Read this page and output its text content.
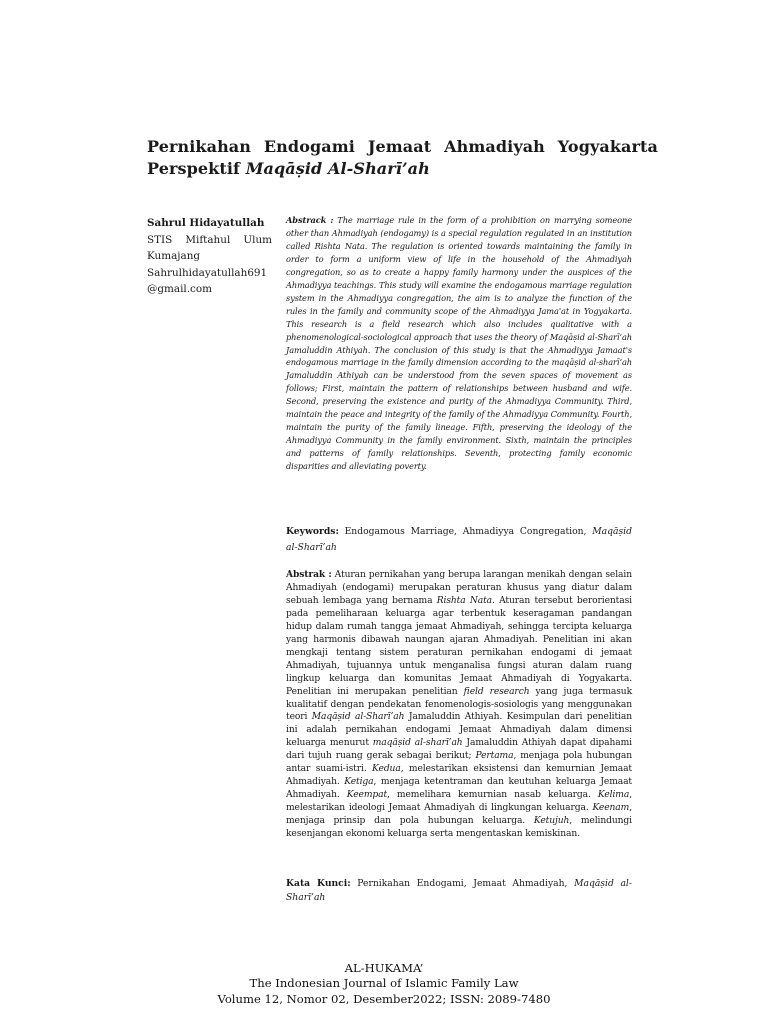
Pernikahan Endogami Jemaat Ahmadiyah Yogyakarta
Perspektif Maqāṣid Al-Sharī’ah
Sahrul Hidayatullah
STIS Miftahul Ulum Kumajang
Sahrulhidayatullah691 @gmail.com
Abstrack : The marriage rule in the form of a prohibition on marrying someone other than Ahmadiyah (endogamy) is a special regulation regulated in an institution called Rishta Nata. The regulation is oriented towards maintaining the family in order to form a uniform view of life in the household of the Ahmadiyah congregation, so as to create a happy family harmony under the auspices of the Ahmadiyya teachings. This study will examine the endogamous marriage regulation system in the Ahmadiyya congregation, the aim is to analyze the function of the rules in the family and community scope of the Ahmadiyya Jama'at in Yogyakarta. This research is a field research which also includes qualitative with a phenomenological-sociological approach that uses the theory of Maqāṣid al-Sharī’ah Jamaluddin Athiyah. The conclusion of this study is that the Ahmadiyya Jamaat's endogamous marriage in the family dimension according to the maqāṣid al-sharī’ah Jamaluddin Athiyah can be understood from the seven spaces of movement as follows; First, maintain the pattern of relationships between husband and wife. Second, preserving the existence and purity of the Ahmadiyya Community. Third, maintain the peace and integrity of the family of the Ahmadiyya Community. Fourth, maintain the purity of the family lineage. Fifth, preserving the ideology of the Ahmadiyya Community in the family environment. Sixth, maintain the principles and patterns of family relationships. Seventh, protecting family economic disparities and alleviating poverty.
Keywords: Endogamous Marriage, Ahmadiyya Congregation, Maqāṣid al-Sharī’ah
Abstrak : Aturan pernikahan yang berupa larangan menikah dengan selain Ahmadiyah (endogami) merupakan peraturan khusus yang diatur dalam sebuah lembaga yang bernama Rishta Nata. Aturan tersebut berorientasi pada pemeliharaan keluarga agar terbentuk keseragaman pandangan hidup dalam rumah tangga jemaat Ahmadiyah, sehingga tercipta keluarga yang harmonis dibawah naungan ajaran Ahmadiyah. Penelitian ini akan mengkaji tentang sistem peraturan pernikahan endogami di jemaat Ahmadiyah, tujuannya untuk menganalisa fungsi aturan dalam ruang lingkup keluarga dan komunitas Jemaat Ahmadiyah di Yogyakarta. Penelitian ini merupakan penelitian field research yang juga termasuk kualitatif dengan pendekatan fenomenologis-sosiologis yang menggunakan teori Maqāṣid al-Sharī’ah Jamaluddin Athiyah. Kesimpulan dari penelitian ini adalah pernikahan endogami Jemaat Ahmadiyah dalam dimensi keluarga menurut maqāṣid al-sharī’ah Jamaluddin Athiyah dapat dipahami dari tujuh ruang gerak sebagai berikut; Pertama, menjaga pola hubungan antar suami-istri. Kedua, melestarikan eksistensi dan kemurnian Jemaat Ahmadiyah. Ketiga, menjaga ketentraman dan keutuhan keluarga Jemaat Ahmadiyah. Keempat, memelihara kemurnian nasab keluarga. Kelima, melestarikan ideologi Jemaat Ahmadiyah di lingkungan keluarga. Keenam, menjaga prinsip dan pola hubungan keluarga. Ketujuh, melindungi kesenjangan ekonomi keluarga serta mengentaskan kemiskinan.
Kata Kunci: Pernikahan Endogami, Jemaat Ahmadiyah, Maqāṣid al-Sharī’ah
AL-HUKAMA’
The Indonesian Journal of Islamic Family Law
Volume 12, Nomor 02, Desember2022; ISSN: 2089-7480
